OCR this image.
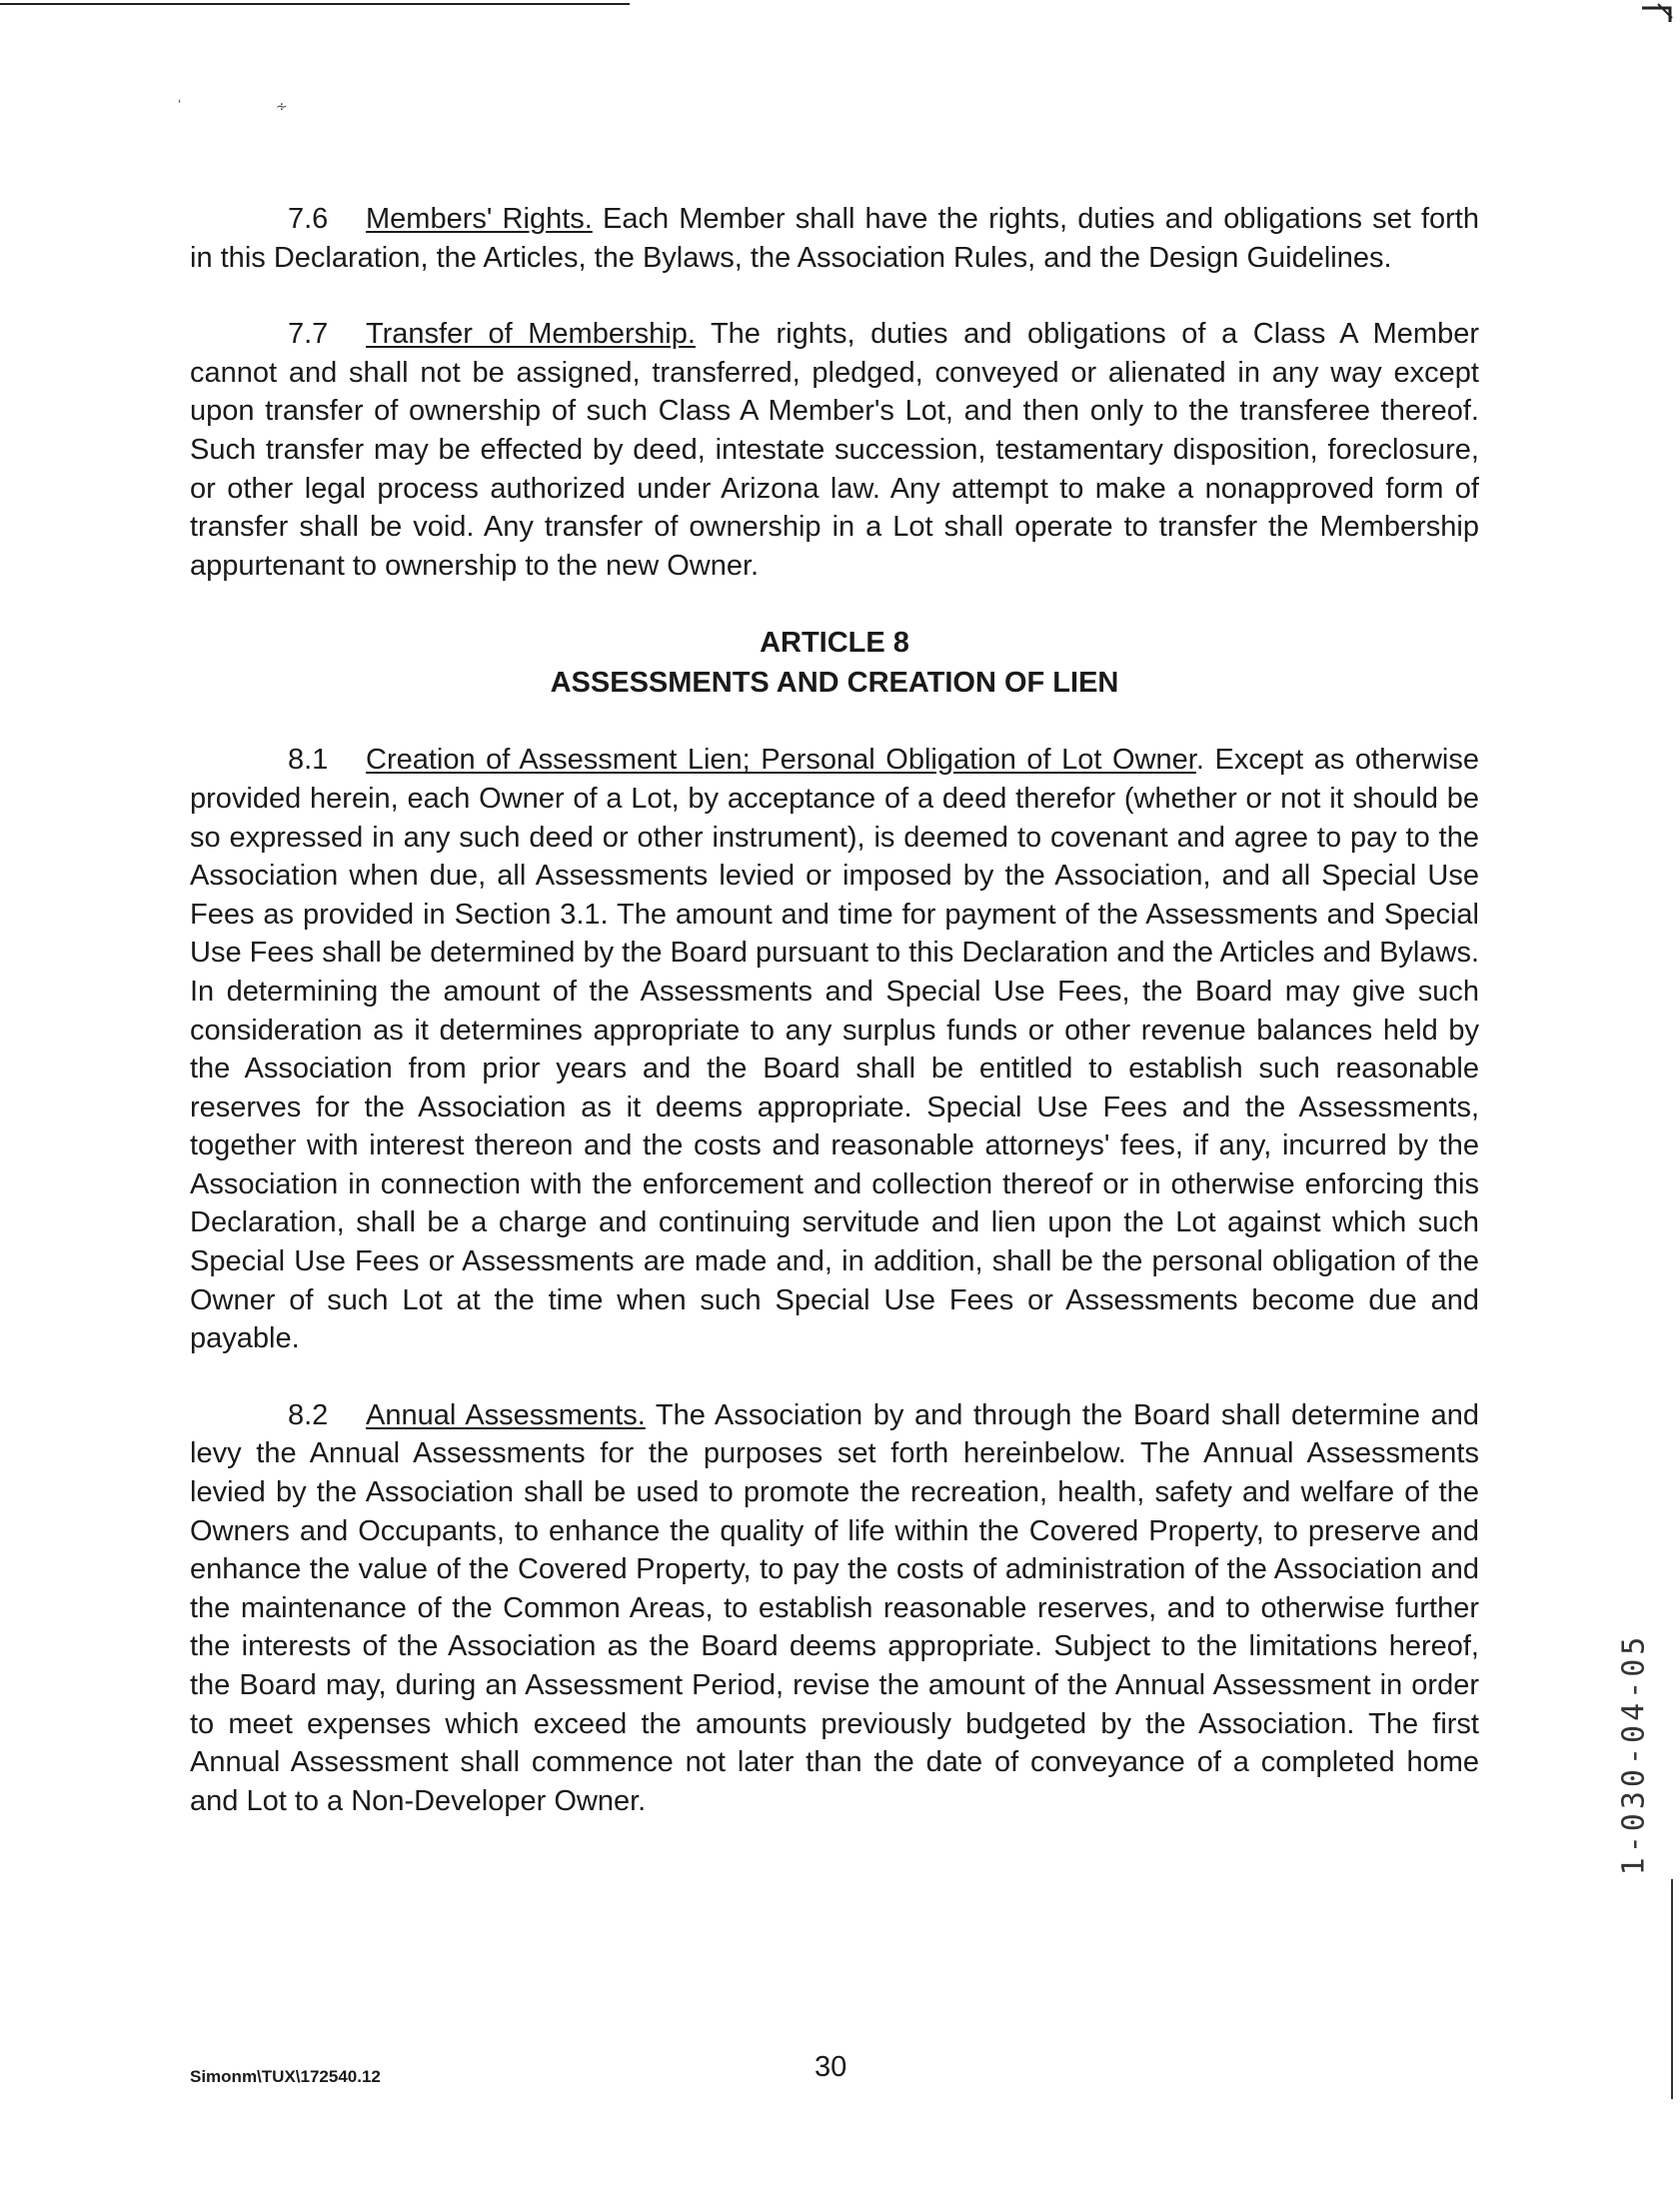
‘	∻

7.6 Members' Rights. Each Member shall have the rights, duties and obligations set forth in this Declaration, the Articles, the Bylaws, the Association Rules, and the Design Guidelines.

7.7 Transfer of Membership. The rights, duties and obligations of a Class A Member cannot and shall not be assigned, transferred, pledged, conveyed or alienated in any way except upon transfer of ownership of such Class A Member's Lot, and then only to the transferee thereof. Such transfer may be effected by deed, intestate succession, testamentary disposition, foreclosure, or other legal process authorized under Arizona law. Any attempt to make a nonapproved form of transfer shall be void. Any transfer of ownership in a Lot shall operate to transfer the Membership appurtenant to ownership to the new Owner.

ARTICLE 8
ASSESSMENTS AND CREATION OF LIEN

8.1 Creation of Assessment Lien; Personal Obligation of Lot Owner. Except as otherwise provided herein, each Owner of a Lot, by acceptance of a deed therefor (whether or not it should be so expressed in any such deed or other instrument), is deemed to covenant and agree to pay to the Association when due, all Assessments levied or imposed by the Association, and all Special Use Fees as provided in Section 3.1. The amount and time for payment of the Assessments and Special Use Fees shall be determined by the Board pursuant to this Declaration and the Articles and Bylaws. In determining the amount of the Assessments and Special Use Fees, the Board may give such consideration as it determines appropriate to any surplus funds or other revenue balances held by the Association from prior years and the Board shall be entitled to establish such reasonable reserves for the Association as it deems appropriate. Special Use Fees and the Assessments, together with interest thereon and the costs and reasonable attorneys' fees, if any, incurred by the Association in connection with the enforcement and collection thereof or in otherwise enforcing this Declaration, shall be a charge and continuing servitude and lien upon the Lot against which such Special Use Fees or Assessments are made and, in addition, shall be the personal obligation of the Owner of such Lot at the time when such Special Use Fees or Assessments become due and payable.

8.2 Annual Assessments. The Association by and through the Board shall determine and levy the Annual Assessments for the purposes set forth hereinbelow. The Annual Assessments levied by the Association shall be used to promote the recreation, health, safety and welfare of the Owners and Occupants, to enhance the quality of life within the Covered Property, to preserve and enhance the value of the Covered Property, to pay the costs of administration of the Association and the maintenance of the Common Areas, to establish reasonable reserves, and to otherwise further the interests of the Association as the Board deems appropriate. Subject to the limitations hereof, the Board may, during an Assessment Period, revise the amount of the Annual Assessment in order to meet expenses which exceed the amounts previously budgeted by the Association. The first Annual Assessment shall commence not later than the date of conveyance of a completed home and Lot to a Non-Developer Owner.

Simonm\TUX\172540.12	30
1-030-04-05
